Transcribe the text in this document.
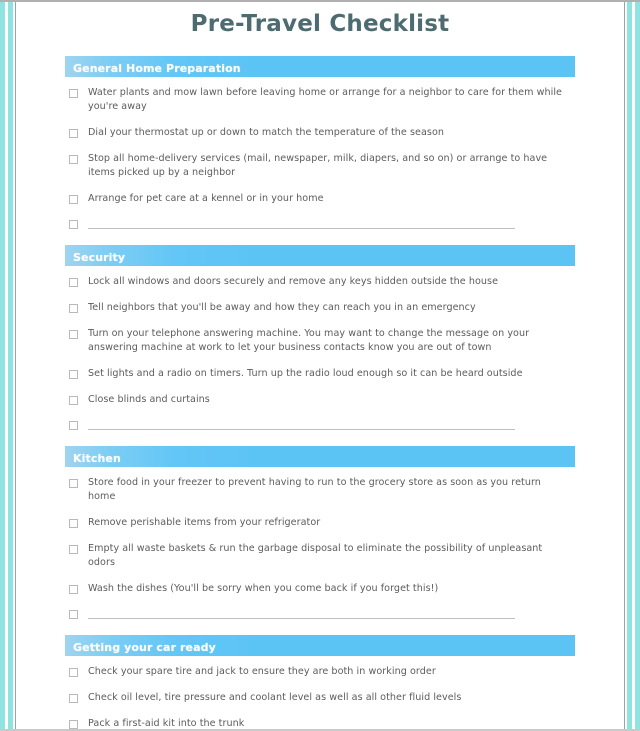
Pre-Travel Checklist
General Home Preparation
Water plants and mow lawn before leaving home or arrange for a neighbor to care for them while you're away
Dial your thermostat up or down to match the temperature of the season
Stop all home-delivery services (mail, newspaper, milk, diapers, and so on) or arrange to have items picked up by a neighbor
Arrange for pet care at a kennel or in your home
Security
Lock all windows and doors securely and remove any keys hidden outside the house
Tell neighbors that you'll be away and how they can reach you in an emergency
Turn on your telephone answering machine. You may want to change the message on your answering machine at work to let your business contacts know you are out of town
Set lights and a radio on timers. Turn up the radio loud enough so it can be heard outside
Close blinds and curtains
Kitchen
Store food in your freezer to prevent having to run to the grocery store as soon as you return home
Remove perishable items from your refrigerator
Empty all waste baskets & run the garbage disposal to eliminate the possibility of unpleasant odors
Wash the dishes (You'll be sorry when you come back if you forget this!)
Getting your car ready
Check your spare tire and jack to ensure they are both in working order
Check oil level, tire pressure and coolant level as well as all other fluid levels
Pack a first-aid kit into the trunk
